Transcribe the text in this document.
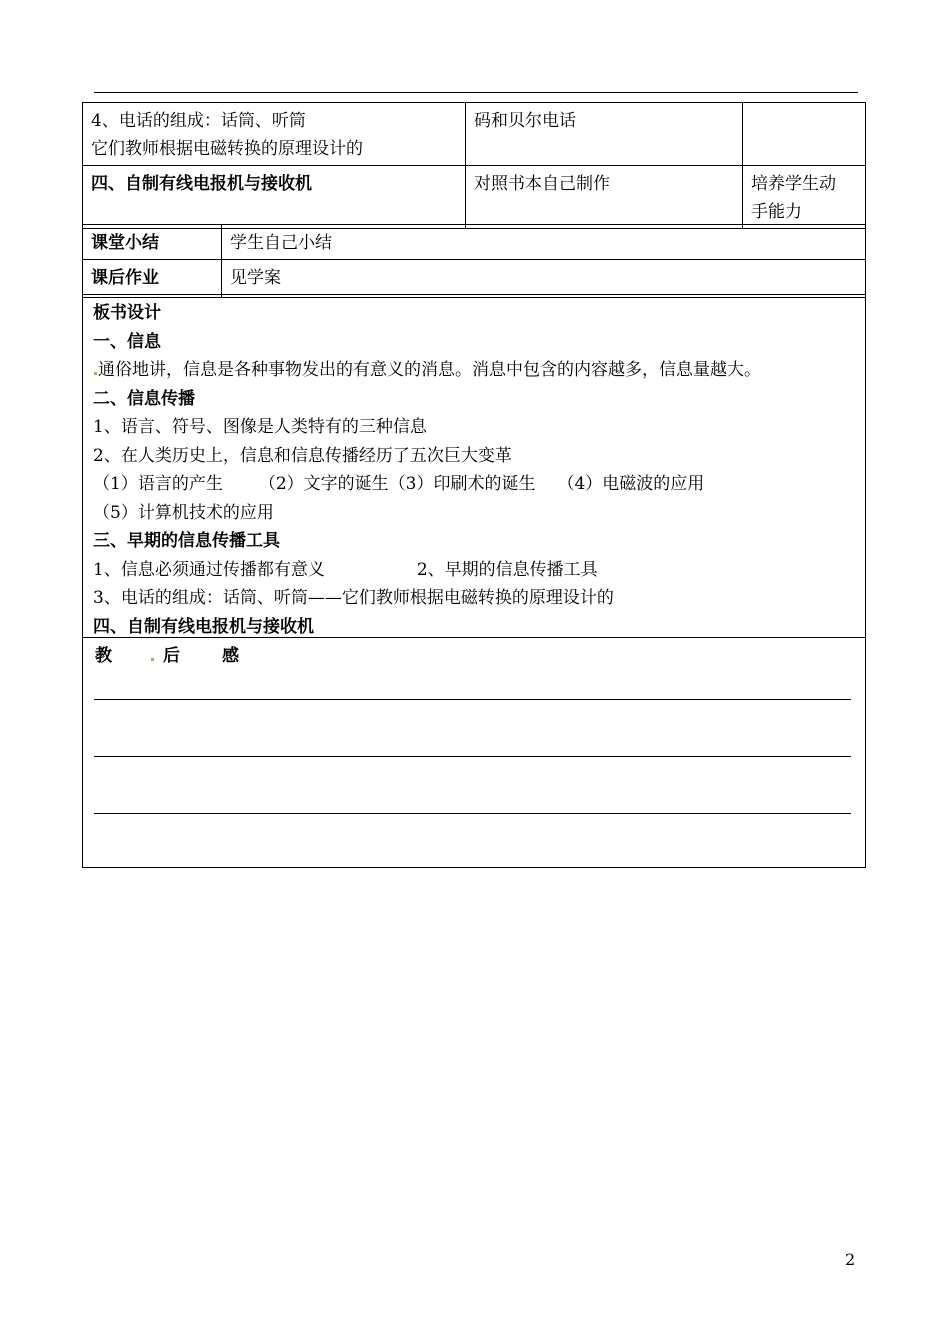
4、电话的组成：话筒、听筒
它们教师根据电磁转换的原理设计的	码和贝尔电话	
四、自制有线电报机与接收机	对照书本自己制作	培养学生动
手能力
课堂小结	学生自己小结
课后作业	见学案
板书设计
一、信息
通俗地讲，信息是各种事物发出的有意义的消息。消息中包含的内容越多，信息量越大。
二、信息传播
1、语言、符号、图像是人类特有的三种信息
2、在人类历史上，信息和信息传播经历了五次巨大变革
（1）语言的产生 （2）文字的诞生（3）印刷术的诞生 （4）电磁波的应用
（5）计算机技术的应用
三、早期的信息传播工具
1、信息必须通过传播都有意义	2、早期的信息传播工具
3、电话的组成：话筒、听筒——它们教师根据电磁转换的原理设计的
四、自制有线电报机与接收机
教	后 感
2
